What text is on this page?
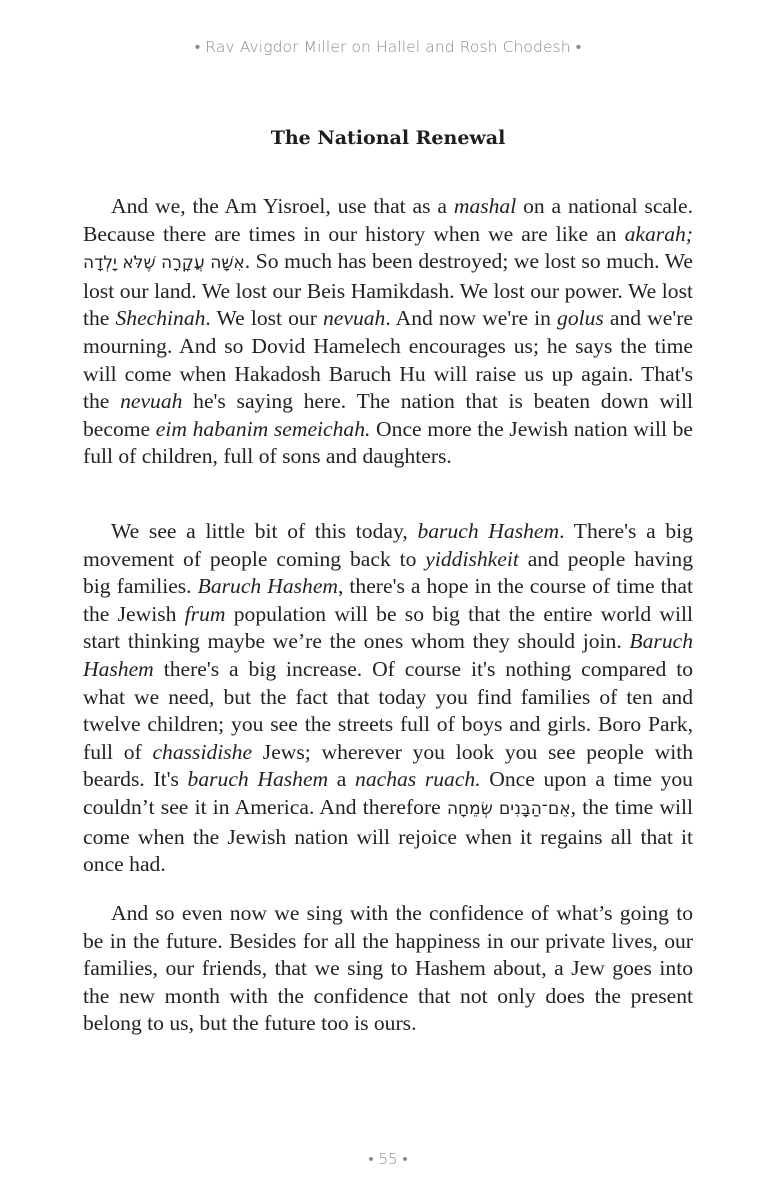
• Rav Avigdor Miller on Hallel and Rosh Chodesh •
The National Renewal

And we, the Am Yisroel, use that as a mashal on a national scale. Because there are times in our history when we are like an akarah; אִשָּׁה עֲקָרָה שֶׁלֹּא יָלְדָה. So much has been destroyed; we lost so much. We lost our land. We lost our Beis Hamikdash. We lost our power. We lost the Shechinah. We lost our nevuah. And now we're in golus and we're mourning. And so Dovid Hamelech encourages us; he says the time will come when Hakadosh Baruch Hu will raise us up again. That's the nevuah he's saying here. The nation that is beaten down will become eim habanim semeichah. Once more the Jewish nation will be full of children, full of sons and daughters.

We see a little bit of this today, baruch Hashem. There's a big movement of people coming back to yiddishkeit and people having big families. Baruch Hashem, there's a hope in the course of time that the Jewish frum population will be so big that the entire world will start thinking maybe we’re the ones whom they should join. Baruch Hashem there's a big increase. Of course it's nothing compared to what we need, but the fact that today you find families of ten and twelve children; you see the streets full of boys and girls. Boro Park, full of chassidishe Jews; wherever you look you see people with beards. It's baruch Hashem a nachas ruach. Once upon a time you couldn’t see it in America. And therefore אֵם־הַבָּנִים שְׂמֵחָה, the time will come when the Jewish nation will rejoice when it regains all that it once had.

And so even now we sing with the confidence of what’s going to be in the future. Besides for all the happiness in our private lives, our families, our friends, that we sing to Hashem about, a Jew goes into the new month with the confidence that not only does the present belong to us, but the future too is ours.

• 55 •
